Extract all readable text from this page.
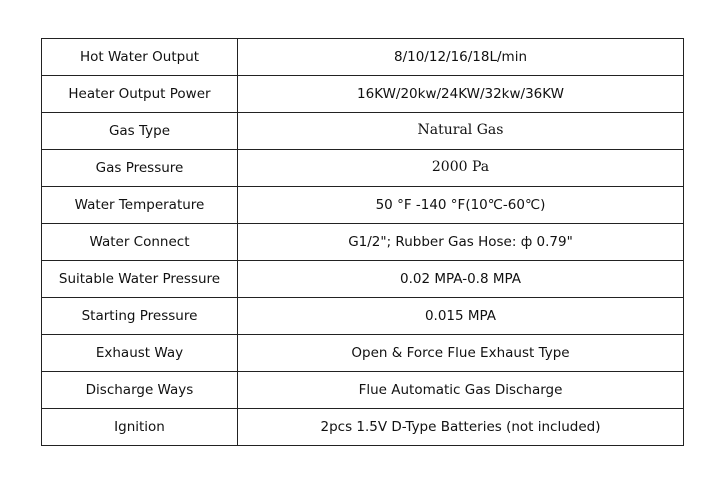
Hot Water Output	8/10/12/16/18L/min
Heater Output Power	16KW/20kw/24KW/32kw/36KW
Gas Type	Natural Gas
Gas Pressure	2000 Pa
Water Temperature	50 °F -140 °F(10℃-60℃)
Water Connect	G1/2"; Rubber Gas Hose: ф 0.79"
Suitable Water Pressure	0.02 MPA-0.8 MPA
Starting Pressure	0.015 MPA
Exhaust Way	Open & Force Flue Exhaust Type
Discharge Ways	Flue Automatic Gas Discharge
Ignition	2pcs 1.5V D-Type Batteries (not included)
